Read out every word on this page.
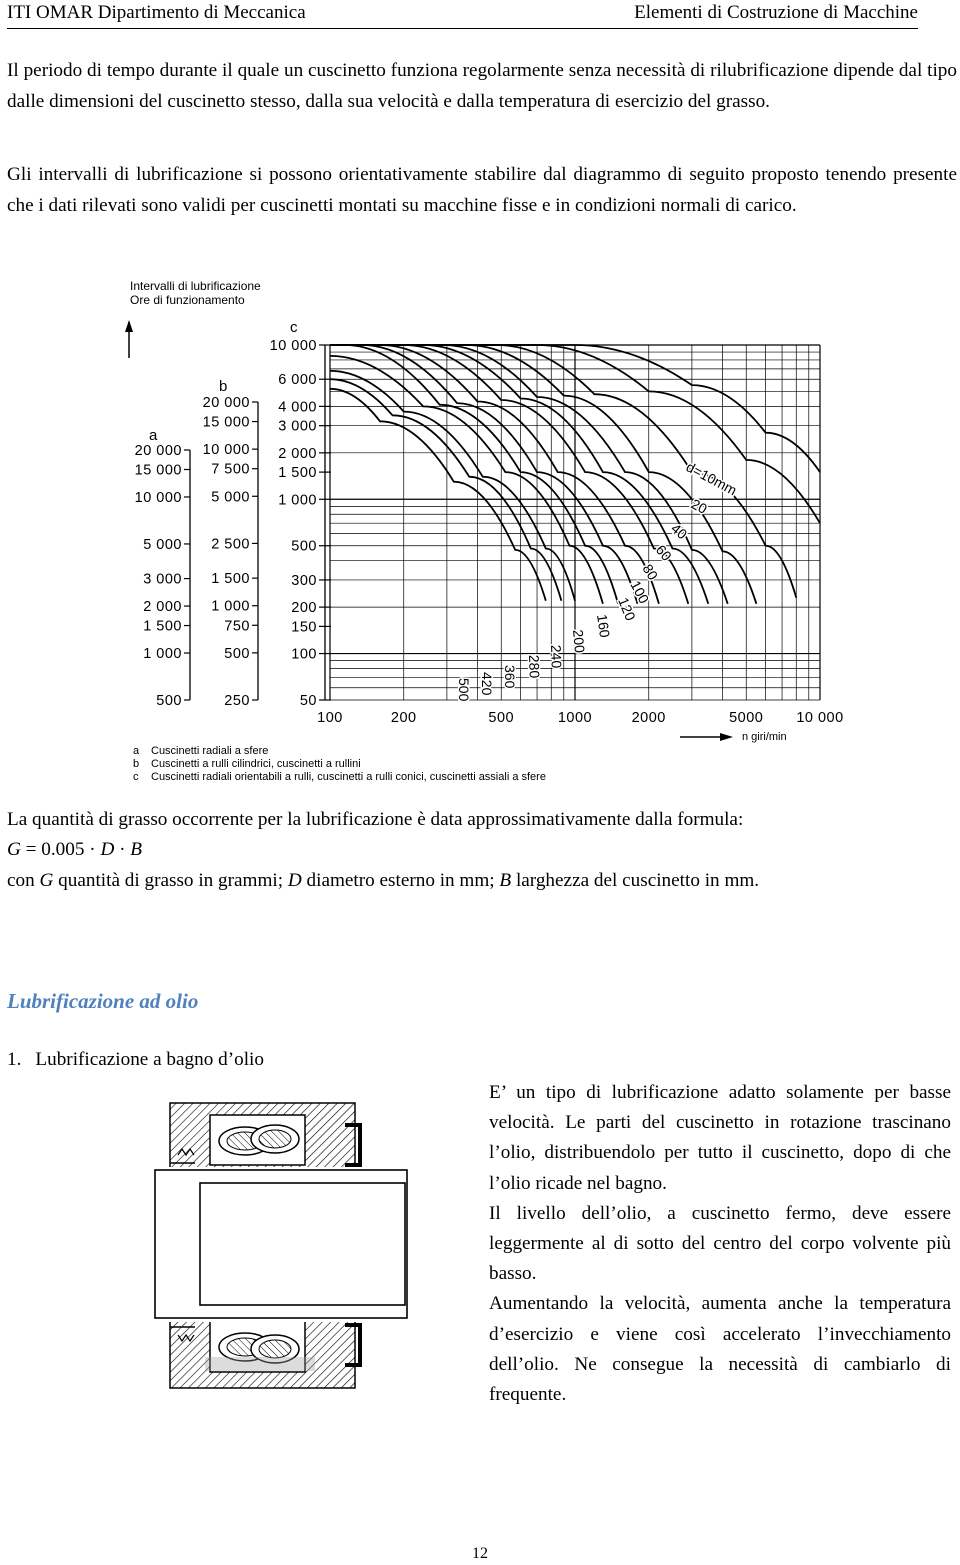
ITI OMAR Dipartimento di Meccanica	Elementi di Costruzione di Macchine

Il periodo di tempo durante il quale un cuscinetto funziona regolarmente senza necessità di rilubrificazione dipende dal tipo dalle dimensioni del cuscinetto stesso, dalla sua velocità e dalla temperatura di esercizio del grasso.

Gli intervalli di lubrificazione si possono orientativamente stabilire dal diagrammo di seguito proposto tenendo presente che i dati rilevati sono validi per cuscinetti montati su macchine fisse e in condizioni normali di carico.

Intervalli di lubrificazione
Ore di funzionamento
c
b
a
20 000
15 000
10 000
5 000
3 000
2 000
1 500
1 000
500
20 000
15 000
10 000
7 500
5 000
2 500
1 500
1 000
750
500
250
10 000
6 000
4 000
3 000
2 000
1 500
1 000
500
300
200
150
100
50
100	200	500	1000	2000	5000 10 000
d=10mm
20
40
60
80
100
120
160
200
240
280
360
420
500
n giri/min
a Cuscinetti radiali a sfere
b Cuscinetti a rulli cilindrici, cuscinetti a rullini
c Cuscinetti radiali orientabili a rulli, cuscinetti a rulli conici, cuscinetti assiali a sfere
La quantità di grasso occorrente per la lubrificazione è data approssimativamente dalla formula:
G = 0.005 · D · B
con G quantità di grasso in grammi; D diametro esterno in mm; B larghezza del cuscinetto in mm.
Lubrificazione ad olio
1. Lubrificazione a bagno d’olio

E’ un tipo di lubrificazione adatto solamente per basse velocità. Le parti del cuscinetto in rotazione trascinano l’olio, distribuendolo per tutto il cuscinetto, dopo di che l’olio ricade nel bagno.

Il livello dell’olio, a cuscinetto fermo, deve essere leggermente al di sotto del centro del corpo volvente più basso.

Aumentando la velocità, aumenta anche la temperatura d’esercizio e viene così accelerato l’invecchiamento dell’olio. Ne consegue la necessità di cambiarlo di frequente.

12
